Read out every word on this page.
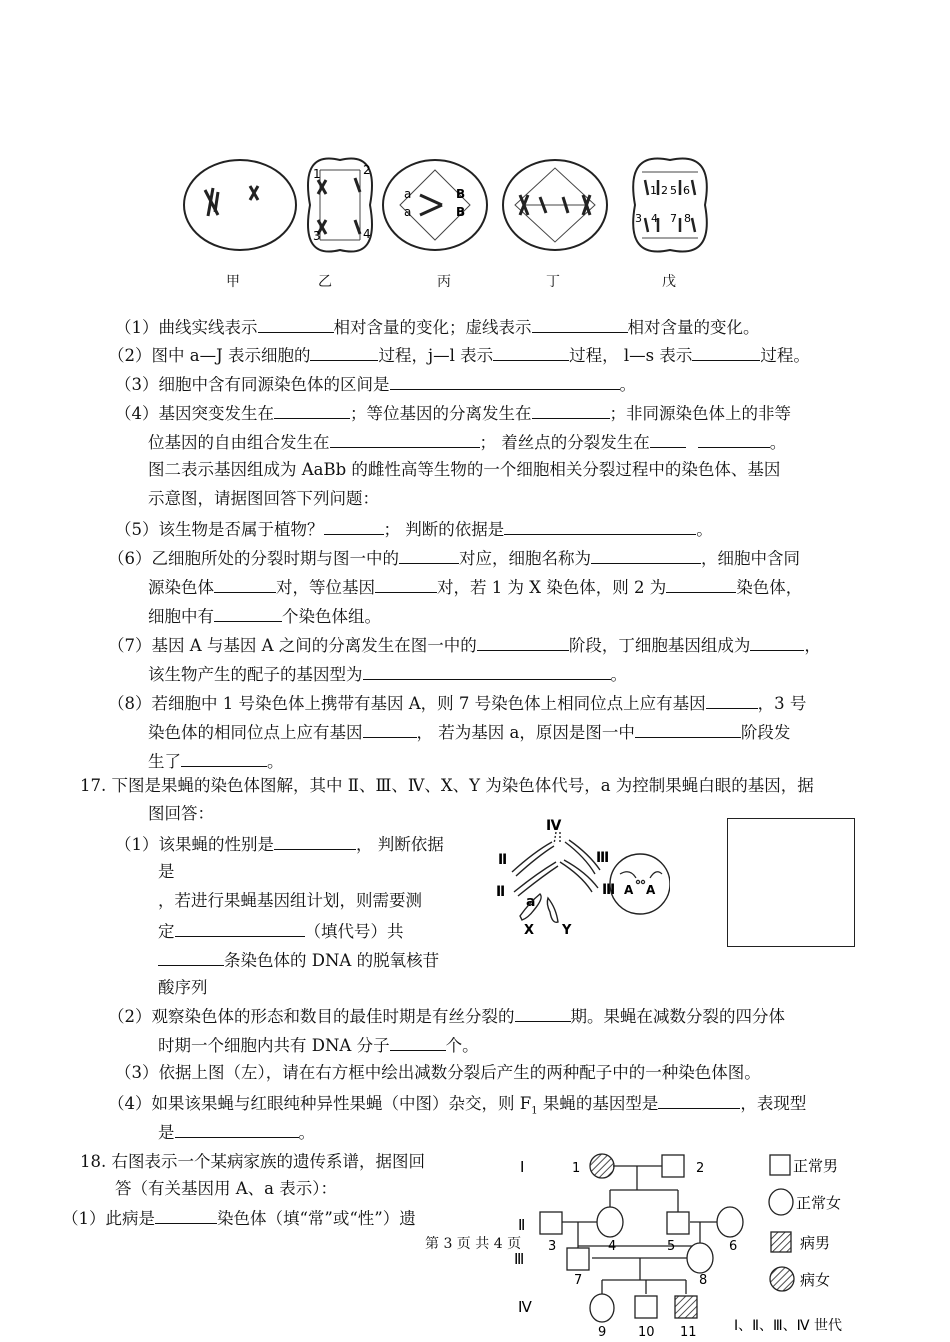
1	2
3	4
a
a
B
B
1 2 5 6
3 4 7 8
甲	乙	丙	丁	戊
（1）曲线实线表示	相对含量的变化；虚线表示	相对含量的变化。
（2）图中 a—J 表示细胞的	过程，j—l 表示	过程， l—s 表示	过程。
（3）细胞中含有同源染色体的区间是	。
（4）基因突变发生在	；等位基因的分离发生在	；非同源染色体上的非等
位基因的自由组合发生在	； 着丝点的分裂发生在	。
图二表示基因组成为 AaBb 的雌性高等生物的一个细胞相关分裂过程中的染色体、基因
示意图，请据图回答下列问题：
（5）该生物是否属于植物？	； 判断的依据是	。
（6）乙细胞所处的分裂时期与图一中的	对应，细胞名称为	，细胞中含同
源染色体	对，等位基因	对，若 1 为 X 染色体，则 2 为	染色体，
细胞中有	个染色体组。
（7）基因 A 与基因 A 之间的分离发生在图一中的	阶段，丁细胞基因组成为	，
该生物产生的配子的基因型为	。
（8）若细胞中 1 号染色体上携带有基因 A，则 7 号染色体上相同位点上应有基因	，3 号
染色体的相同位点上应有基因	， 若为基因 a，原因是图一中	阶段发
生了	。
17. 下图是果蝇的染色体图解，其中 Ⅱ、Ⅲ、Ⅳ、X、Y 为染色体代号，a 为控制果蝇白眼的基因，据
图回答：
（1）该果蝇的性别是	， 判断依据
是
，若进行果蝇基因组计划，则需要测
定	（填代号）共
条染色体的 DNA 的脱氧核苷
酸序列
Ⅳ
Ⅱ
Ⅱ
Ⅲ
Ⅲ
a
X Y
A A
（2）观察染色体的形态和数目的最佳时期是有丝分裂的	期。果蝇在减数分裂的四分体
时期一个细胞内共有 DNA 分子	个。
（3）依据上图（左），请在右方框中绘出减数分裂后产生的两种配子中的一种染色体图。
（4）如果该果蝇与红眼纯种异性果蝇（中图）杂交，则 $F_1$ 果蝇的基因型是	，表现型
是	。
18. 右图表示一个某病家族的遗传系谱，据图回
答（有关基因用 A、a 表示）：
（1）此病是	染色体（填“常”或“性”）遗
Ⅰ
Ⅱ
Ⅲ
Ⅳ
1	2
3	4	5	6
7	8
9 10 11
正常男
正常女
病男
病女
Ⅰ、Ⅱ、Ⅲ、Ⅳ 世代
第 3 页 共 4 页
